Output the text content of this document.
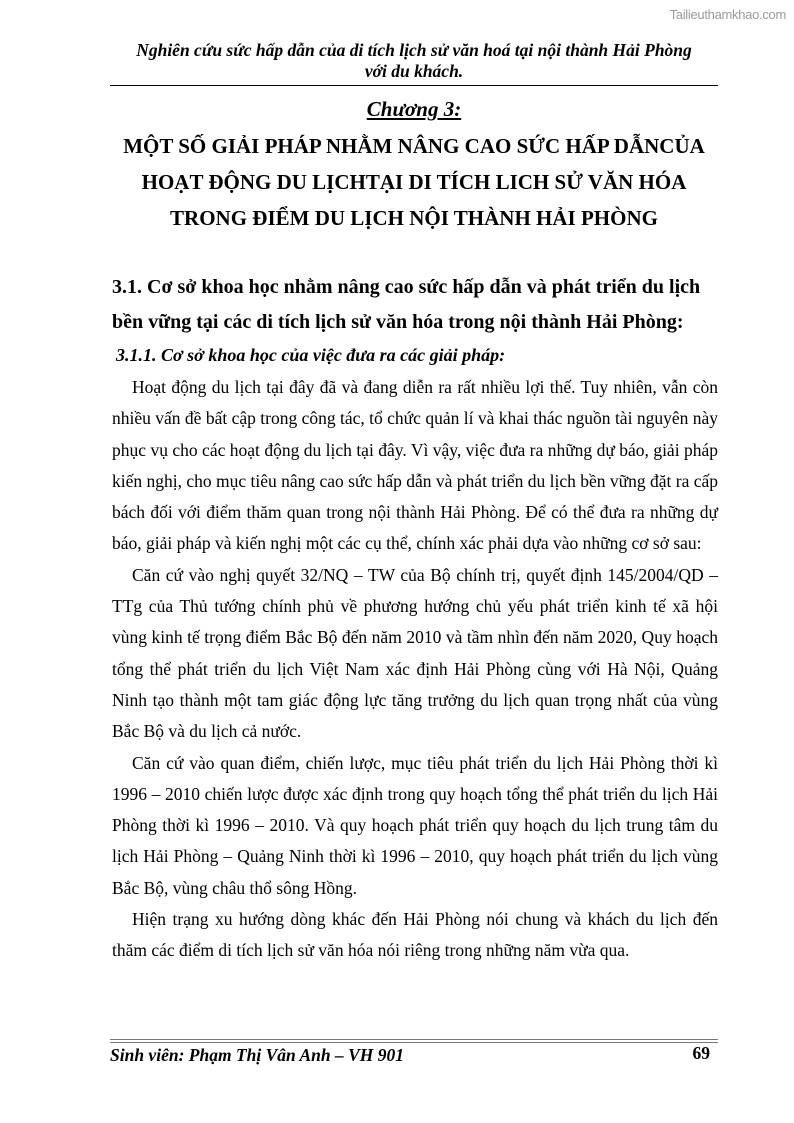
Tailieuthamkhao.com
Nghiên cứu sức hấp dẫn của di tích lịch sử văn hoá tại nội thành Hải Phòng
với du khách.
Chương 3:
MỘT SỐ GIẢI PHÁP NHẰM NÂNG CAO SỨC HẤP DẪNCỦA
HOẠT ĐỘNG DU LỊCHTẠI DI TÍCH LICH SỬ VĂN HÓA
TRONG ĐIỂM DU LỊCH NỘI THÀNH HẢI PHÒNG
3.1. Cơ sở khoa học nhằm nâng cao sức hấp dẫn và phát triển du lịch bền vững tại các di tích lịch sử văn hóa trong nội thành Hải Phòng:
3.1.1. Cơ sở khoa học của việc đưa ra các giải pháp:

Hoạt động du lịch tại đây đã và đang diễn ra rất nhiều lợi thế. Tuy nhiên, vẫn còn nhiều vấn đề bất cập trong công tác, tổ chức quản lí và khai thác nguồn tài nguyên này phục vụ cho các hoạt động du lịch tại đây. Vì vậy, việc đưa ra những dự báo, giải pháp kiến nghị, cho mục tiêu nâng cao sức hấp dẫn và phát triển du lịch bền vững đặt ra cấp bách đối với điểm thăm quan trong nội thành Hải Phòng. Để có thể đưa ra những dự báo, giải pháp và kiến nghị một các cụ thể, chính xác phải dựa vào những cơ sở sau:

Căn cứ vào nghị quyết 32/NQ – TW của Bộ chính trị, quyết định 145/2004/QD – TTg của Thủ tướng chính phủ về phương hướng chủ yếu phát triển kinh tế xã hội vùng kinh tế trọng điểm Bắc Bộ đến năm 2010 và tầm nhìn đến năm 2020, Quy hoạch tổng thể phát triển du lịch Việt Nam xác định Hải Phòng cùng với Hà Nội, Quảng Ninh tạo thành một tam giác động lực tăng trưởng du lịch quan trọng nhất của vùng Bắc Bộ và du lịch cả nước.

Căn cứ vào quan điểm, chiến lược, mục tiêu phát triển du lịch Hải Phòng thời kì 1996 – 2010 chiến lược được xác định trong quy hoạch tổng thể phát triển du lịch Hải Phòng thời kì 1996 – 2010. Và quy hoạch phát triển quy hoạch du lịch trung tâm du lịch Hải Phòng – Quảng Ninh thời kì 1996 – 2010, quy hoạch phát triển du lịch vùng Bắc Bộ, vùng châu thổ sông Hồng.

Hiện trạng xu hướng dòng khác đến Hải Phòng nói chung và khách du lịch đến thăm các điểm di tích lịch sử văn hóa nói riêng trong những năm vừa qua.

Sinh viên: Phạm Thị Vân Anh – VH 901	69
